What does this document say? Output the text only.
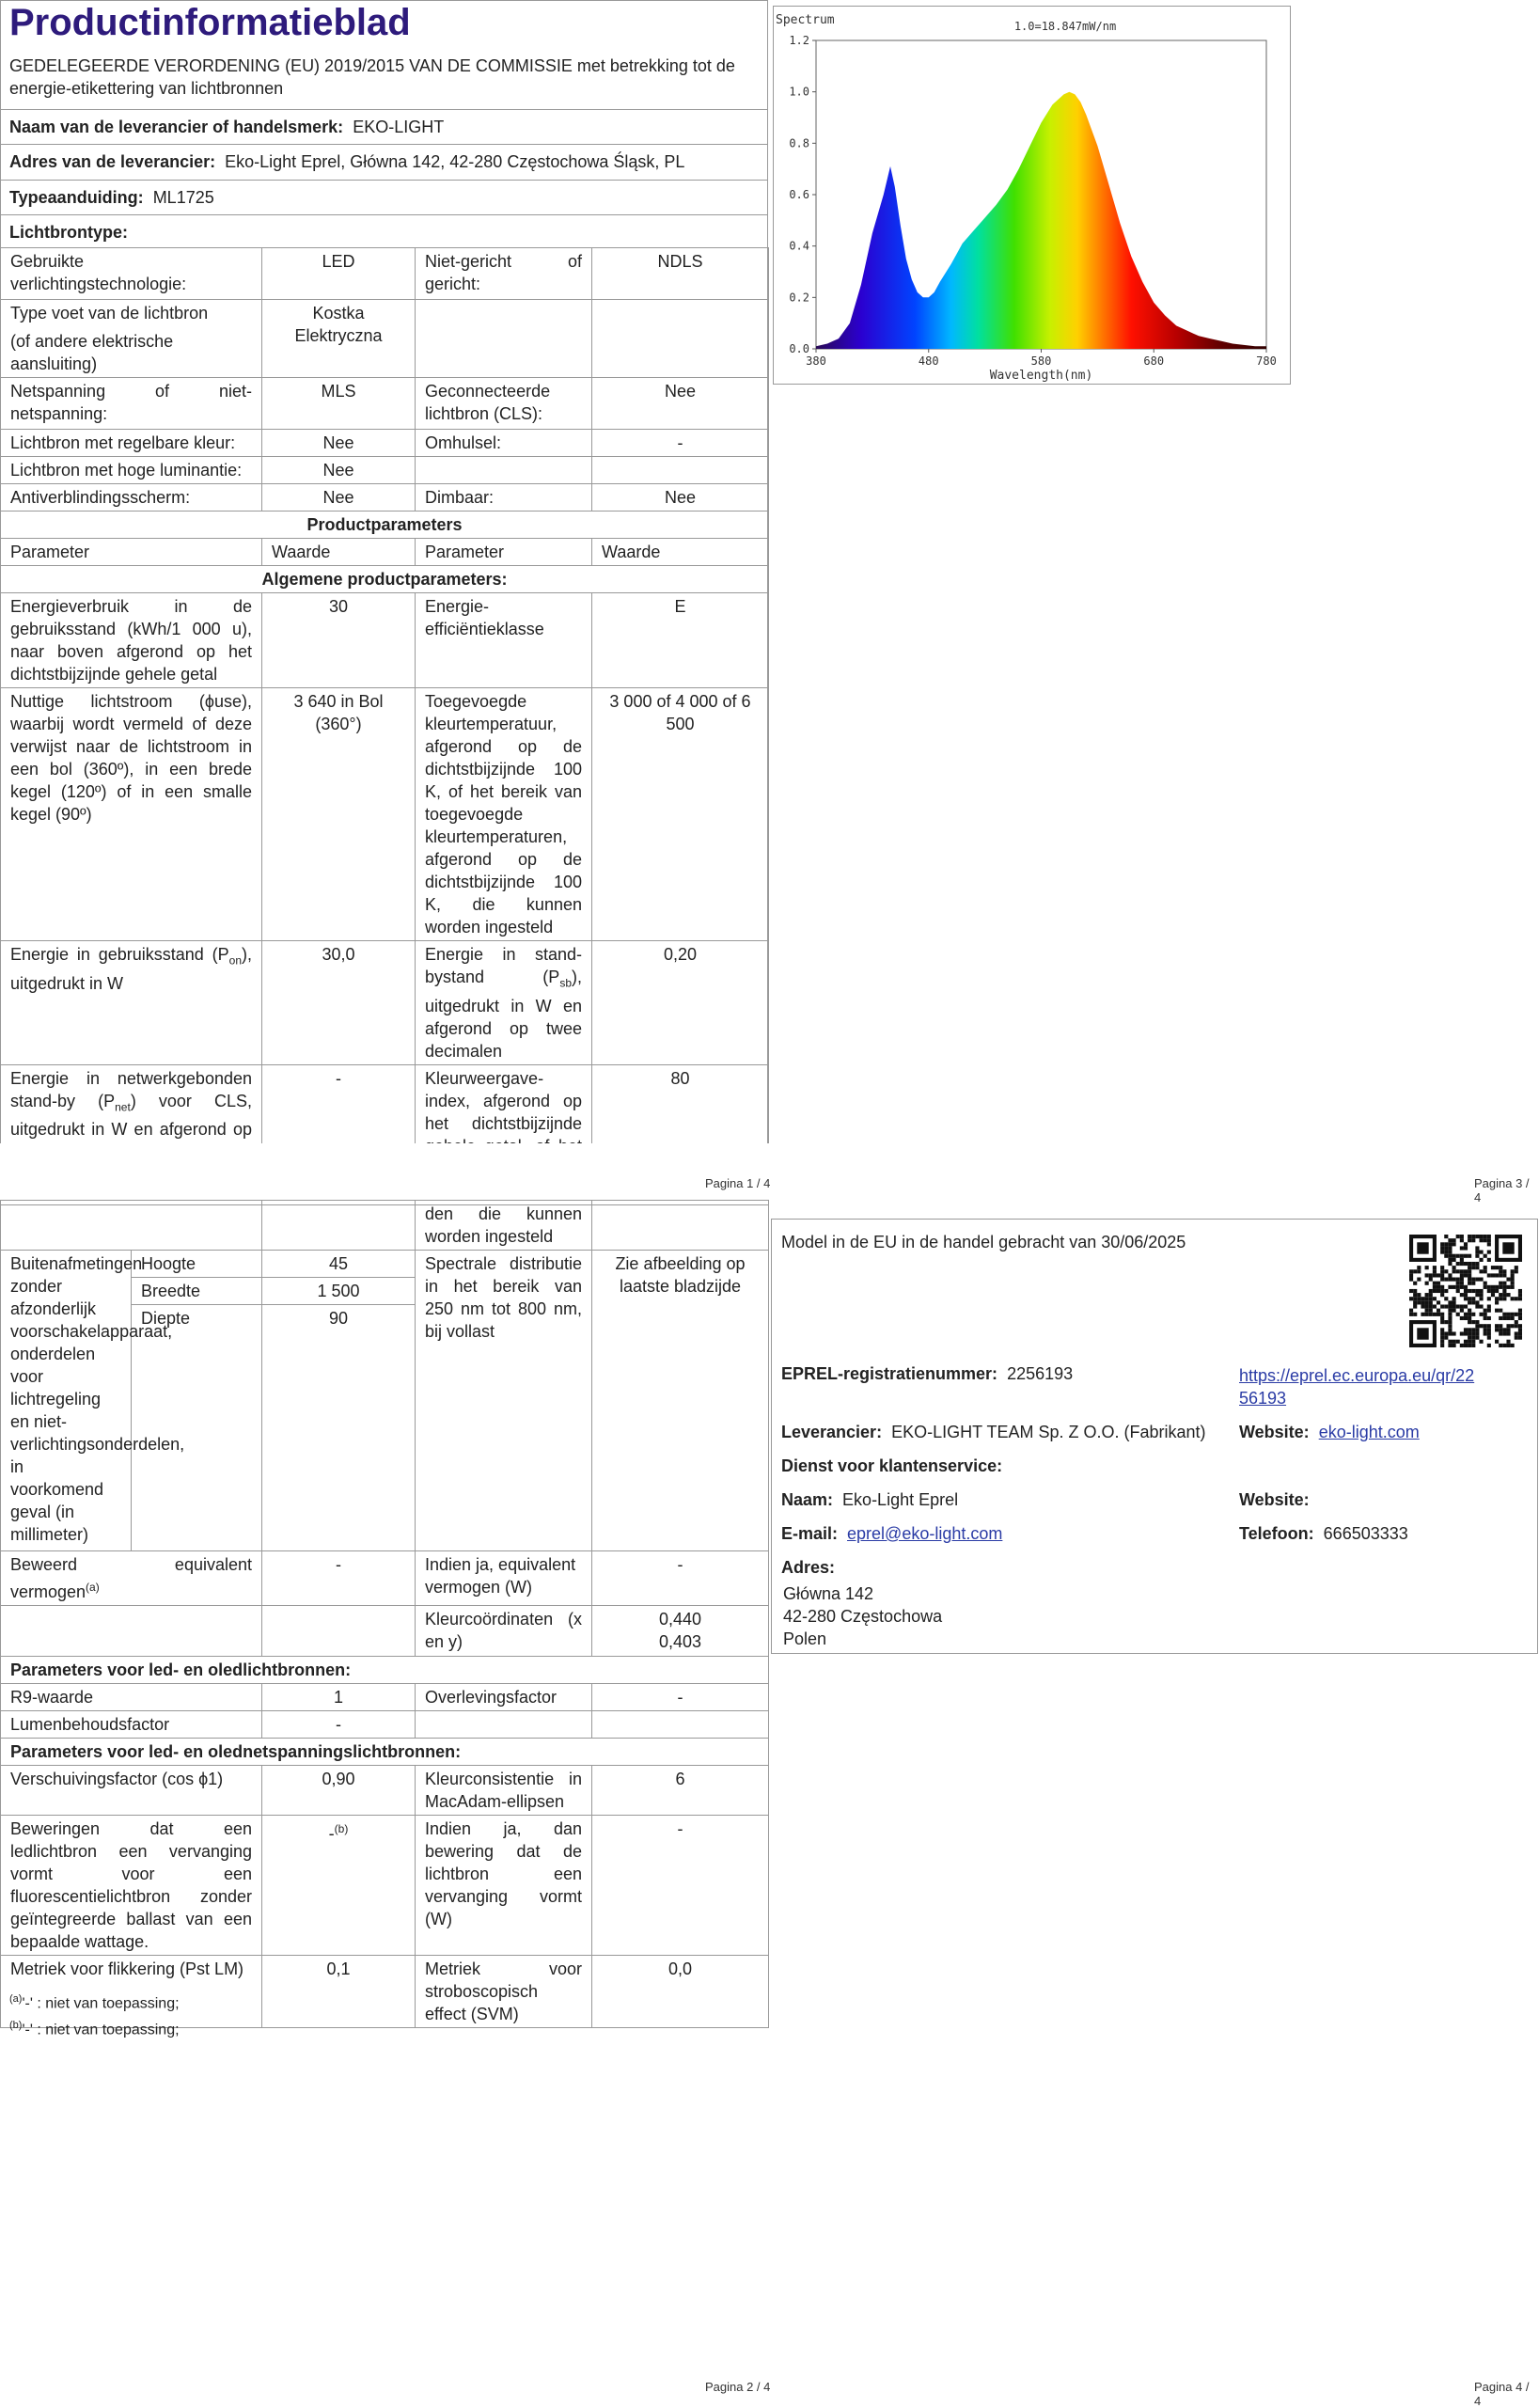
Productinformatieblad
GEDELEGEERDE VERORDENING (EU) 2019/2015 VAN DE COMMISSIE met betrekking tot de energie-etikettering van lichtbronnen
Naam van de leverancier of handelsmerk: EKO-LIGHT
Adres van de leverancier: Eko-Light Eprel, Główna 142, 42-280 Częstochowa Śląsk, PL
Typeaanduiding: ML1725
Lichtbrontype:
Gebruikte verlichtingstechnologie:	LED	Niet-gericht of gericht:	NDLS

Type voet van de lichtbron
(of andere elektrische aansluiting)	Kostka Elektryczna		
Netspanning of niet-netspanning:	MLS	Geconnecteerde lichtbron (CLS):	Nee
Lichtbron met regelbare kleur:	Nee	Omhulsel:	-
Lichtbron met hoge luminantie:	Nee		
Antiverblindingsscherm:	Nee	Dimbaar:	Nee
Productparameters			
Parameter	Waarde	Parameter	Waarde
Algemene productparameters:			
Energieverbruik in de gebruiksstand (kWh/1 000 u), naar boven afgerond op het dichtstbijzijnde gehele getal	30	Energie-efficiëntieklasse	E
Nuttige lichtstroom (ϕuse), waarbij wordt vermeld of deze verwijst naar de lichtstroom in een bol (360º), in een brede kegel (120º) of in een smalle kegel (90º)	3 640 in Bol (360°)	Toegevoegde kleurtemperatuur, afgerond op de dichtstbijzijnde 100 K, of het bereik van toegevoegde kleurtemperaturen, afgerond op de dichtstbijzijnde 100 K, die kunnen worden ingesteld	3 000 of 4 000 of 6 500
Energie in gebruiksstand $(P_{on})$, uitgedrukt in W	30,0	Energie in stand-bystand $(P_{sb})$, uitgedrukt in W en afgerond op twee decimalen	0,20
Energie in netwerkgebonden stand-by $(P_{net})$ voor CLS, uitgedrukt in W en afgerond op	-	Kleurweergave-index, afgerond op het dichtstbijzijnde	80
Pagina 1 / 4	Pagina 3 / 4
0.0
0.2
0.4
0.6
0.8
1.0
1.2
380	480	580	680	780
Wavelength(nm)
Spectrum	1.0=18.847mW/nm
			den die kunnen worden ingesteld	
Buitenafmetingen zonder afzonderlijk voorschakelapparaat, onderdelen voor lichtregeling en niet-verlichtingsonderdelen, in voorkomend geval (in millimeter)	Hoogte	45	Spectrale distributie in het bereik van 250 nm tot 800 nm, bij vollast	Zie afbeelding op laatste bladzijde
	Breedte	1 500		
	Diepte	90		
Beweerd equivalent vermogen$^{(a)}$		-	Indien ja, equivalent vermogen (W)	-
			Kleurcoördinaten (x en y)	0,440
0,403

Parameters voor led- en oledlichtbronnen:				
R9-waarde		1	Overlevingsfactor	-
Lumenbehoudsfactor		-		
Parameters voor led- en olednetspanningslichtbronnen:				
Verschuivingsfactor (cos ϕ1)		0,90	Kleurconsistentie in MacAdam-ellipsen	6
Beweringen dat een ledlichtbron een vervanging vormt voor een fluorescentielichtbron zonder geïntegreerde ballast van een bepaalde wattage.		-$^{(b)}$	Indien ja, dan bewering dat de lichtbron een vervanging vormt (W)	-
Metriek voor flikkering (Pst LM)		0,1	Metriek voor stroboscopisch effect (SVM)	0,0
$^{(a)}$'-' : niet van toepassing;
$^{(b)}$'-' : niet van toepassing;
Pagina 2 / 4	Pagina 4 / 4
Model in de EU in de handel gebracht van 30/06/2025
EPREL-registratienummer: 2256193	https://eprel.ec.europa.eu/qr/22
56193
Leverancier: EKO-LIGHT TEAM Sp. Z O.O. (Fabrikant) Website: eko-light.com
Dienst voor klantenservice:
Naam: Eko-Light Eprel	Website:
E-mail: eprel@eko-light.com	Telefoon: 666503333
Adres:
Główna 142
42-280 Częstochowa
Polen
